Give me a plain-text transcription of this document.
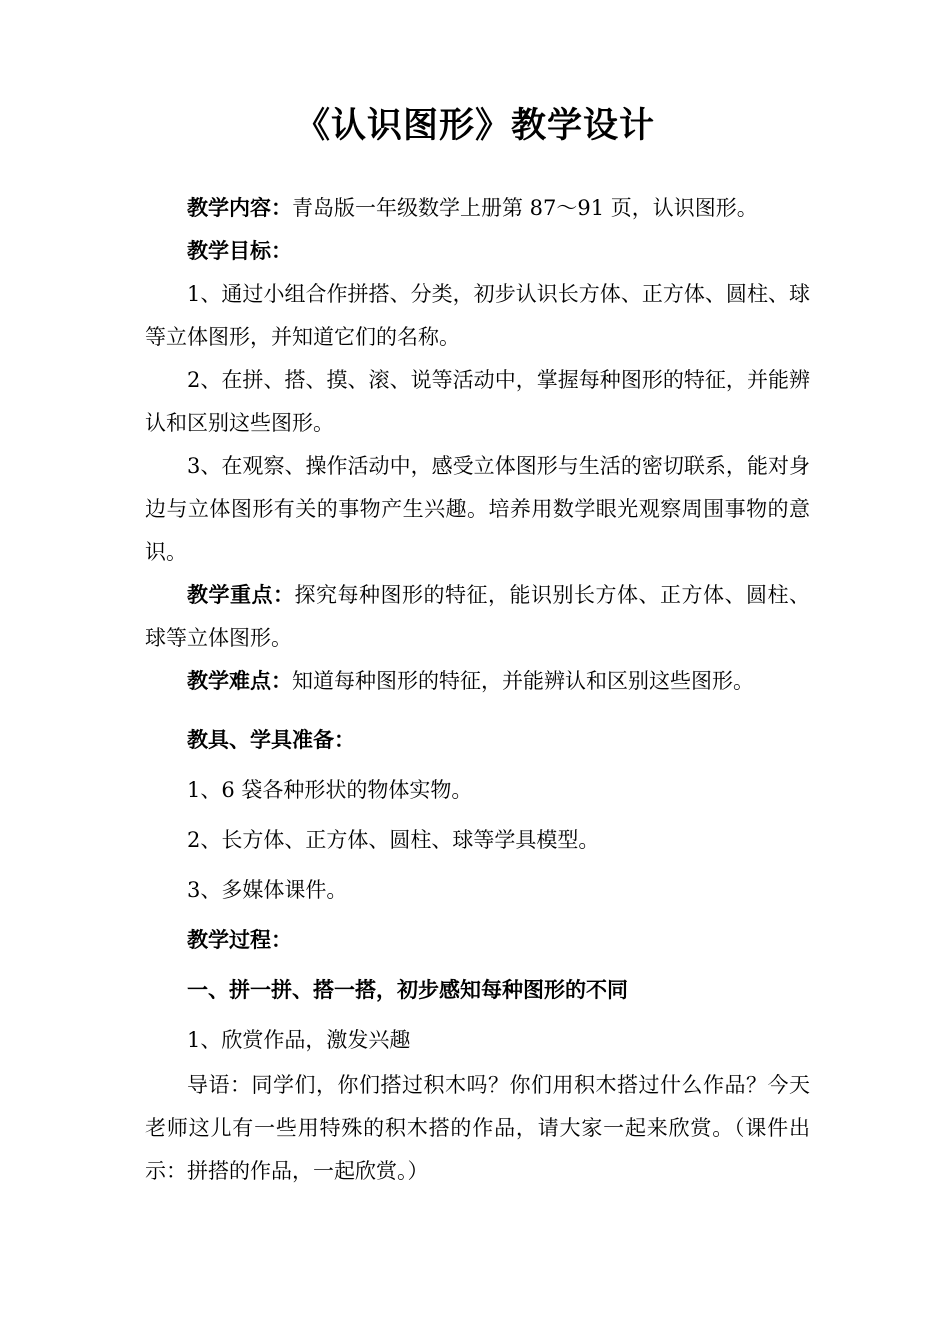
《认识图形》教学设计

教学内容：青岛版一年级数学上册第 87～91 页，认识图形。

教学目标：

1、通过小组合作拼搭、分类，初步认识长方体、正方体、圆柱、球等立体图形，并知道它们的名称。

2、在拼、搭、摸、滚、说等活动中，掌握每种图形的特征，并能辨认和区别这些图形。

3、在观察、操作活动中，感受立体图形与生活的密切联系，能对身边与立体图形有关的事物产生兴趣。培养用数学眼光观察周围事物的意识。

教学重点：探究每种图形的特征，能识别长方体、正方体、圆柱、球等立体图形。

教学难点：知道每种图形的特征，并能辨认和区别这些图形。

教具、学具准备：

1、6 袋各种形状的物体实物。

2、长方体、正方体、圆柱、球等学具模型。

3、多媒体课件。

教学过程：

一、拼一拼、搭一搭，初步感知每种图形的不同

1、欣赏作品，激发兴趣

导语：同学们，你们搭过积木吗？你们用积木搭过什么作品？今天老师这儿有一些用特殊的积木搭的作品，请大家一起来欣赏。（课件出示：拼搭的作品，一起欣赏。）
